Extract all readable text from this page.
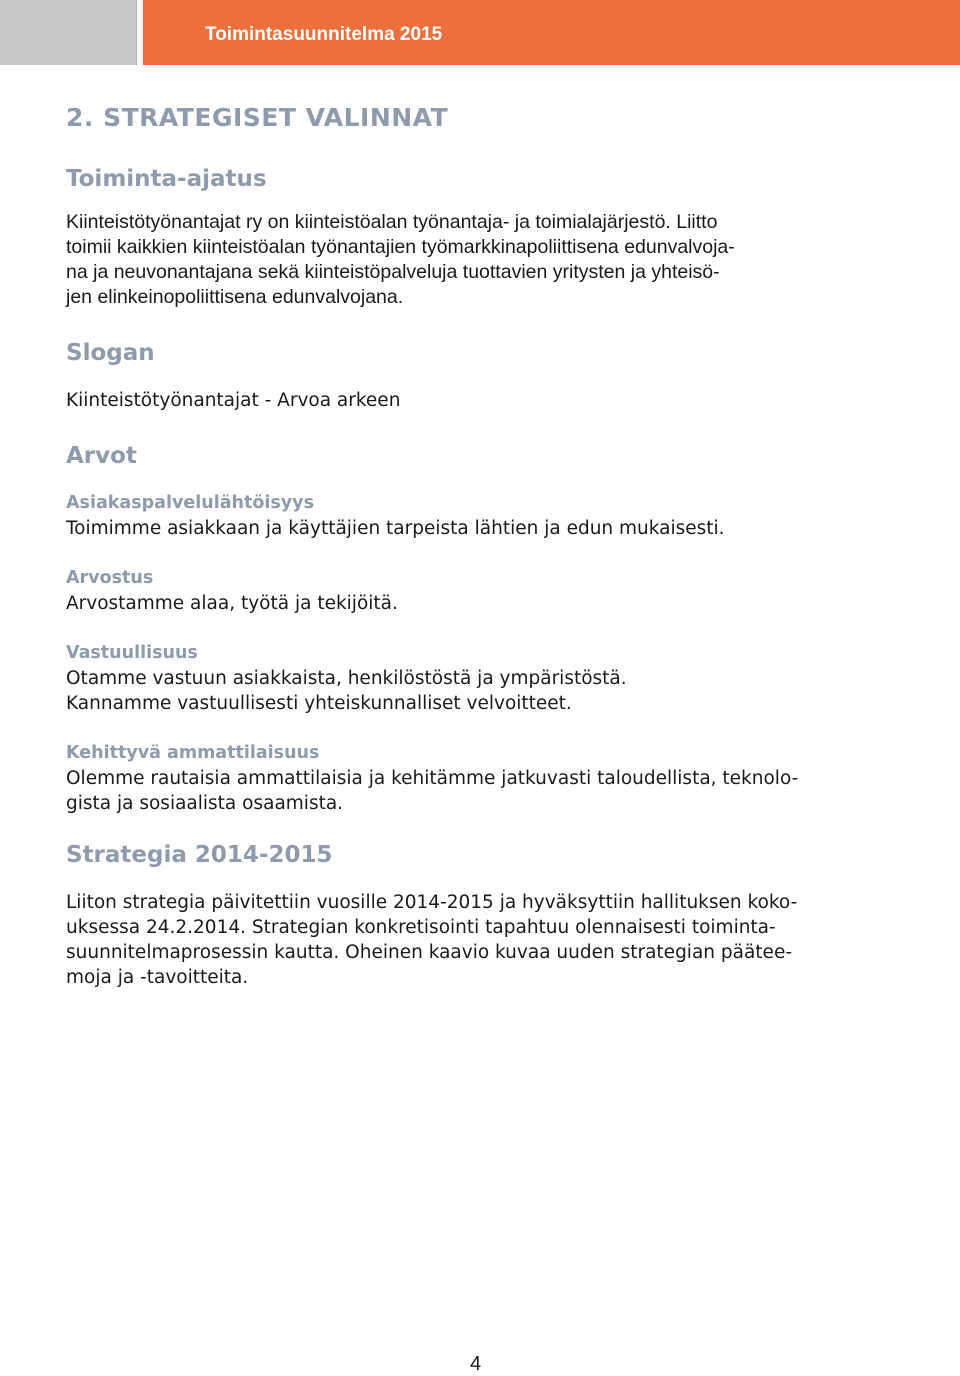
Toimintasuunnitelma 2015
2. STRATEGISET VALINNAT
Toiminta-ajatus

Kiinteistötyönantajat ry on kiinteistöalan työnantaja- ja toimialajärjestö. Liitto

toimii kaikkien kiinteistöalan työnantajien työmarkkinapoliittisena edunvalvoja-

na ja neuvonantajana sekä kiinteistöpalveluja tuottavien yritysten ja yhteisö-

jen elinkeinopoliittisena edunvalvojana.

Slogan

Kiinteistötyönantajat - Arvoa arkeen

Arvot
Asiakaspalvelulähtöisyys

Toimimme asiakkaan ja käyttäjien tarpeista lähtien ja edun mukaisesti.

Arvostus

Arvostamme alaa, työtä ja tekijöitä.

Vastuullisuus

Otamme vastuun asiakkaista, henkilöstöstä ja ympäristöstä.

Kannamme vastuullisesti yhteiskunnalliset velvoitteet.

Kehittyvä ammattilaisuus

Olemme rautaisia ammattilaisia ja kehitämme jatkuvasti taloudellista, teknolo-

gista ja sosiaalista osaamista.

Strategia 2014-2015

Liiton strategia päivitettiin vuosille 2014-2015 ja hyväksyttiin hallituksen koko-

uksessa 24.2.2014. Strategian konkretisointi tapahtuu olennaisesti toiminta-

suunnitelmaprosessin kautta. Oheinen kaavio kuvaa uuden strategian pääteе-

moja ja -tavoitteita.

4
